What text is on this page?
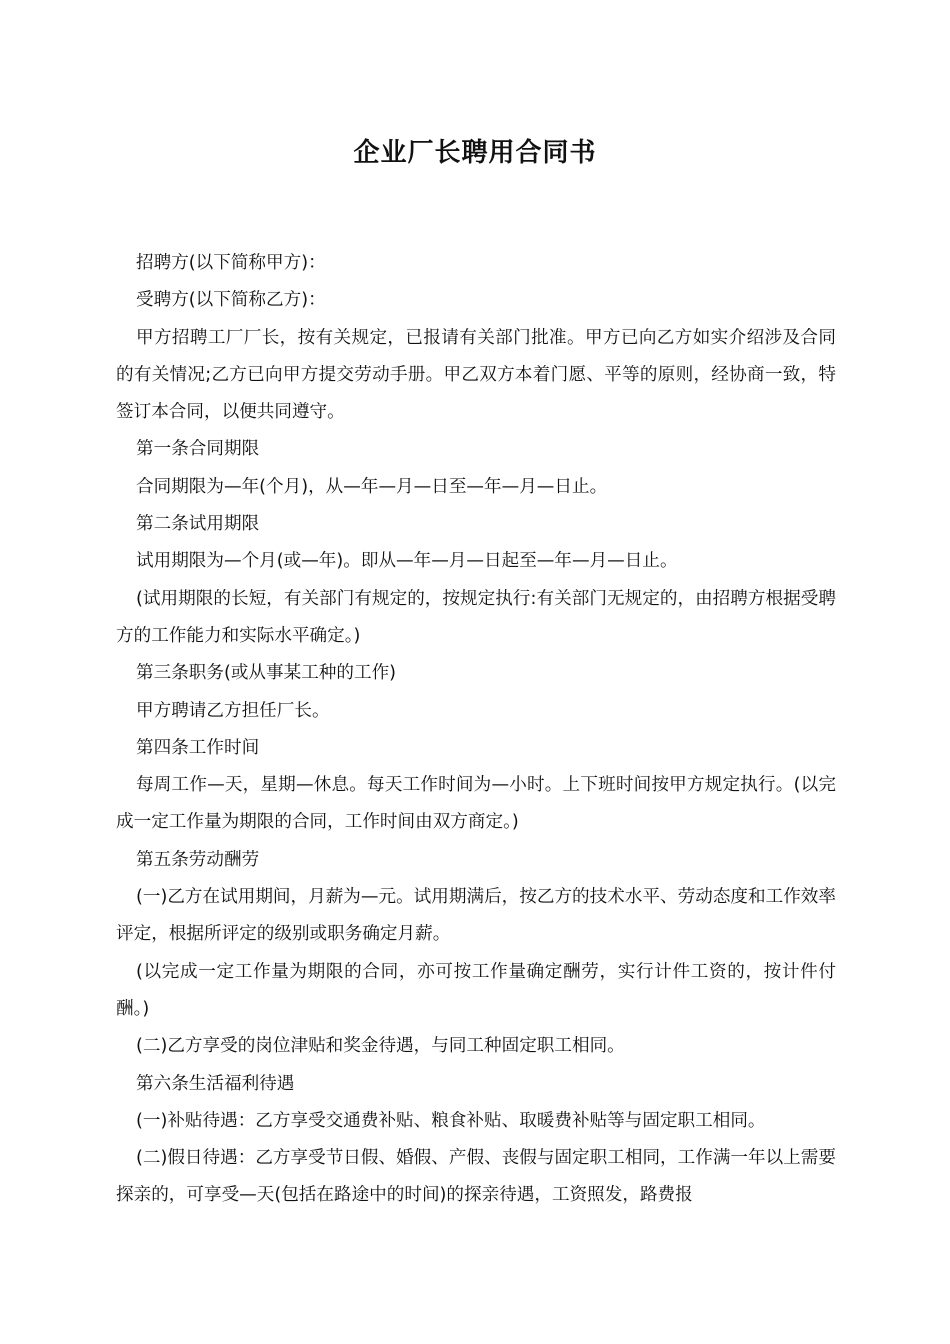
企业厂长聘用合同书

招聘方(以下简称甲方)：

受聘方(以下简称乙方)：

甲方招聘工厂厂长，按有关规定，已报请有关部门批准。甲方已向乙方如实介绍涉及合同的有关情况;乙方已向甲方提交劳动手册。甲乙双方本着门愿、平等的原则，经协商一致，特签订本合同，以便共同遵守。

第一条合同期限

合同期限为—年(个月)，从—年—月—日至—年—月—日止。

第二条试用期限

试用期限为—个月(或—年)。即从—年—月—日起至—年—月—日止。

(试用期限的长短，有关部门有规定的，按规定执行:有关部门无规定的，由招聘方根据受聘方的工作能力和实际水平确定。)

第三条职务(或从事某工种的工作)

甲方聘请乙方担任厂长。

第四条工作时间

每周工作—天，星期—休息。每天工作时间为—小时。上下班时间按甲方规定执行。(以完成一定工作量为期限的合同，工作时间由双方商定。)

第五条劳动酬劳

(一)乙方在试用期间，月薪为—元。试用期满后，按乙方的技术水平、劳动态度和工作效率评定，根据所评定的级别或职务确定月薪。

(以完成一定工作量为期限的合同，亦可按工作量确定酬劳，实行计件工资的，按计件付酬。)

(二)乙方享受的岗位津贴和奖金待遇，与同工种固定职工相同。

第六条生活福利待遇

(一)补贴待遇：乙方享受交通费补贴、粮食补贴、取暖费补贴等与固定职工相同。

(二)假日待遇：乙方享受节日假、婚假、产假、丧假与固定职工相同，工作满一年以上需要探亲的，可享受—天(包括在路途中的时间)的探亲待遇，工资照发，路费报
